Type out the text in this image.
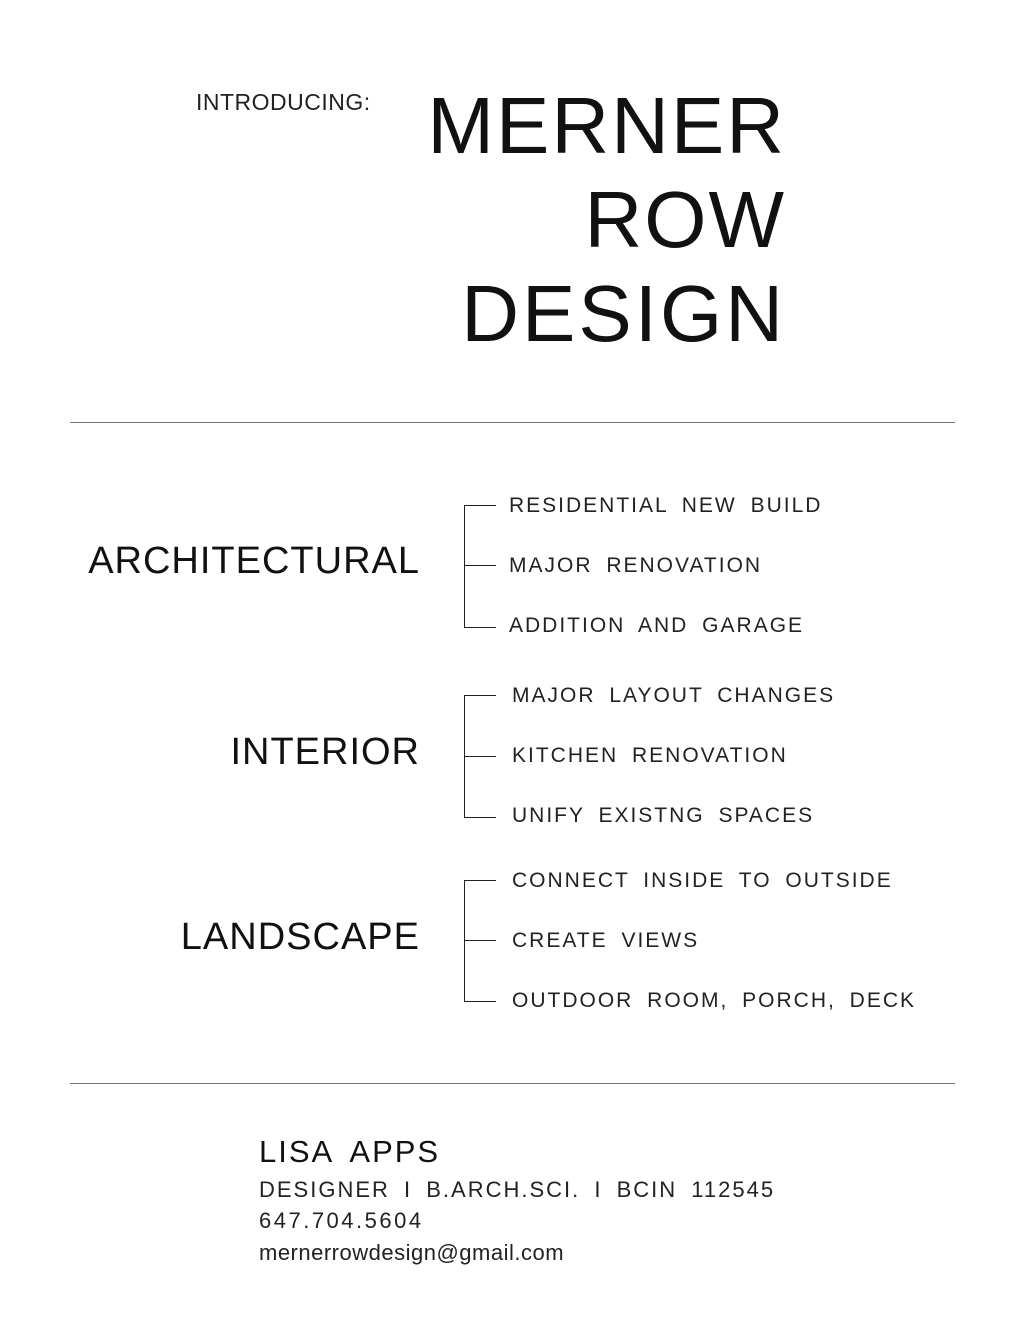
INTRODUCING: MERNER
ROW
DESIGN
ARCHITECTURAL
RESIDENTIAL NEW BUILD
MAJOR RENOVATION
ADDITION AND GARAGE
INTERIOR
MAJOR LAYOUT CHANGES
KITCHEN RENOVATION
UNIFY EXISTNG SPACES
LANDSCAPE
CONNECT INSIDE TO OUTSIDE
CREATE VIEWS
OUTDOOR ROOM, PORCH, DECK
LISA APPS
DESIGNER I B.ARCH.SCI. I BCIN 112545
647.704.5604
mernerrowdesign@gmail.com
